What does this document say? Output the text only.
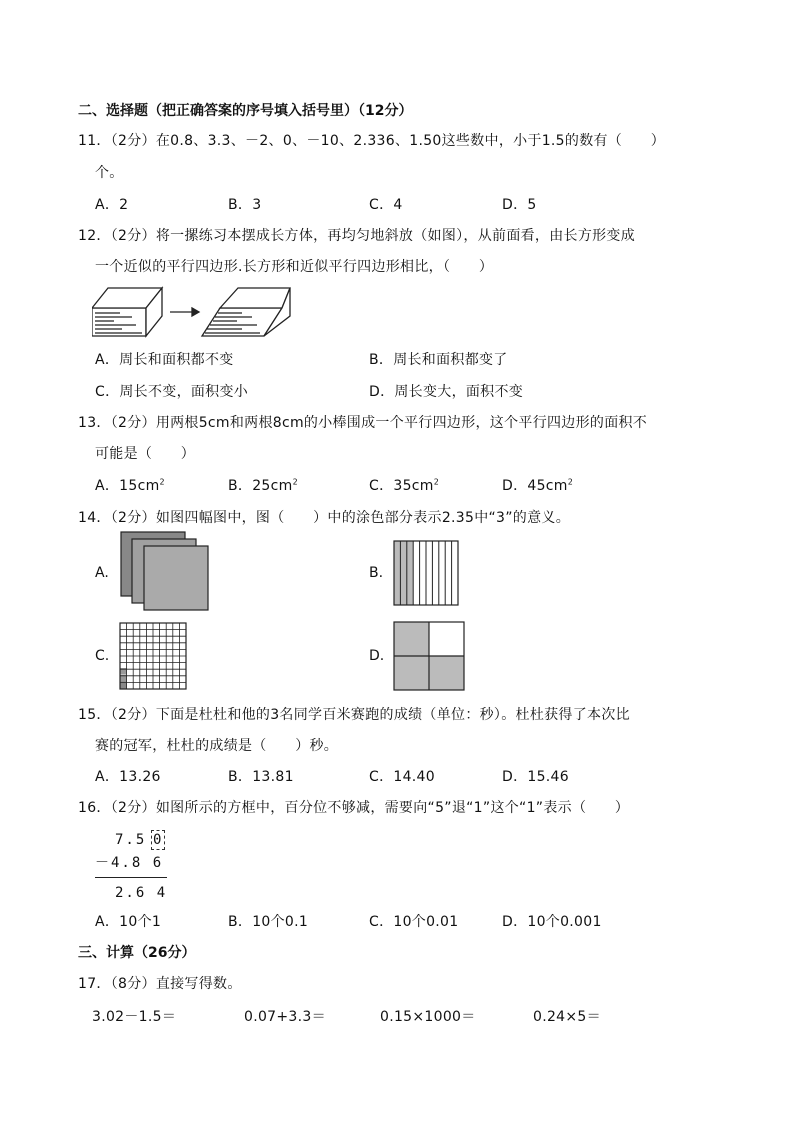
二、选择题（把正确答案的序号填入括号里）（12分）
11．（2分）在0.8、3.3、－2、0、－10、2.336、1.50这些数中，小于1.5的数有（　　）
个。
A．2	B．3	C．4	D．5
12．（2分）将一摞练习本摆成长方体，再均匀地斜放（如图），从前面看，由长方形变成
一个近似的平行四边形.长方形和近似平行四边形相比，（　　）
A．周长和面积都不变	B．周长和面积都变了
C．周长不变，面积变小	D．周长变大，面积不变
13．（2分）用两根5cm和两根8cm的小棒围成一个平行四边形，这个平行四边形的面积不
可能是（　　）
A．$15cm^2$	B．$25cm^2$	C．$35cm^2$	D．$45cm^2$
14．（2分）如图四幅图中，图（　　）中的涂色部分表示2.35中“3”的意义。
A.	B.
C.	D.
15．（2分）下面是杜杜和他的3名同学百米赛跑的成绩（单位：秒）。杜杜获得了本次比
赛的冠军，杜杜的成绩是（　　）秒。
A．13.26	B．13.81	C．14.40	D．15.46
16．（2分）如图所示的方框中，百分位不够减，需要向“5”退“1”这个“1”表示（　　）
7.5 0
－4.8 6
2.6 4
A．10个1	B．10个0.1	C．10个0.01	D．10个0.001
三、计算（26分）
17．（8分）直接写得数。
3.02－1.5＝	0.07+3.3＝	0.15×1000＝	0.24×5＝
